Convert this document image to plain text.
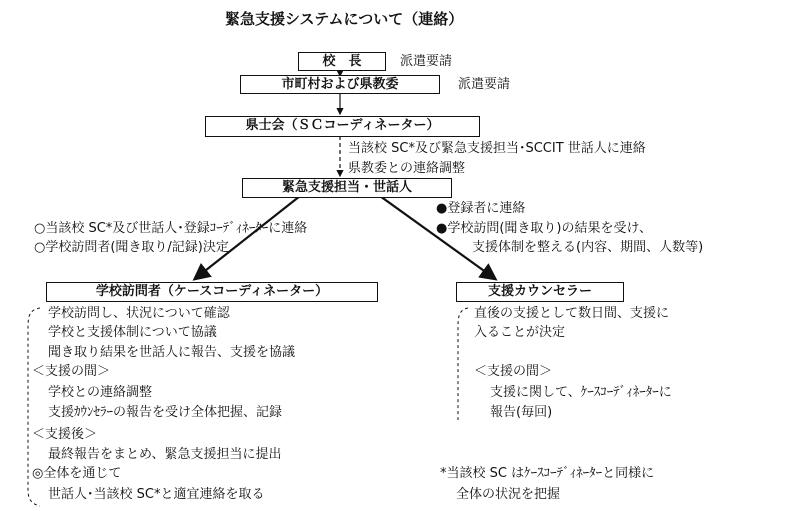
緊急支援システムについて（連絡）
校　長	派遣要請
市町村および県教委	派遣要請
県士会（ＳＣコーディネーター）
当該校 SC*及び緊急支援担当･SCCIT 世話人に連絡
県教委との連絡調整
緊急支援担当・世話人
○当該校 SC*及び世話人･登録ｺｰﾃﾞｨﾈｰﾀｰに連絡
○学校訪問者(聞き取り/記録)決定
●登録者に連絡
●学校訪問(聞き取り)の結果を受け、
支援体制を整える(内容、期間、人数等)
学校訪問者（ケースコーディネーター）	支援カウンセラー
学校訪問し、状況について確認
学校と支援体制について協議
聞き取り結果を世話人に報告、支援を協議
＜支援の間＞
学校との連絡調整
支援ｶｳﾝｾﾗｰの報告を受け全体把握、記録
＜支援後＞
最終報告をまとめ、緊急支援担当に提出
◎全体を通じて
世話人･当該校 SC*と適宜連絡を取る
直後の支援として数日間、支援に
入ることが決定
＜支援の間＞
支援に関して、ｹｰｽｺｰﾃﾞｨﾈｰﾀｰに
報告(毎回)
*当該校 SC はｹｰｽｺｰﾃﾞｨﾈｰﾀｰと同様に
全体の状況を把握
